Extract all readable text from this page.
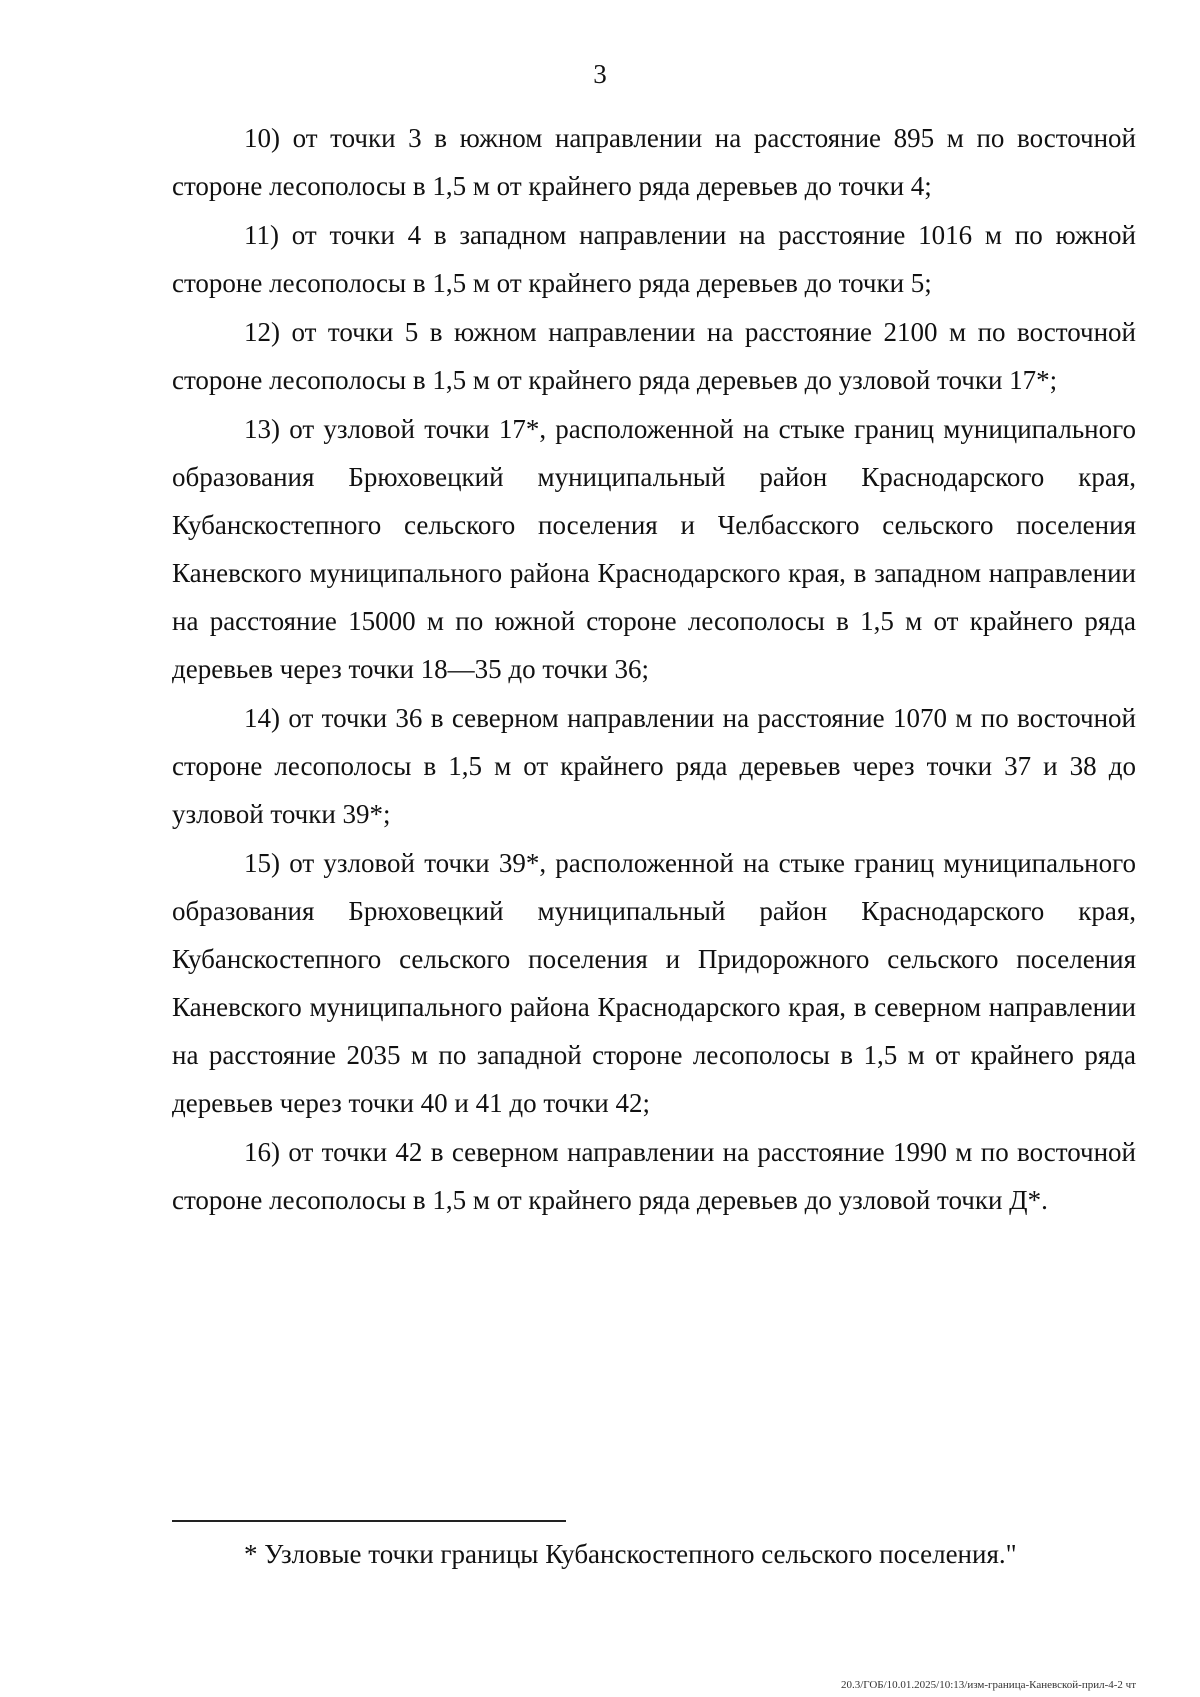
3

10) от точки 3 в южном направлении на расстояние 895 м по восточной стороне лесополосы в 1,5 м от крайнего ряда деревьев до точки 4;

11) от точки 4 в западном направлении на расстояние 1016 м по южной стороне лесополосы в 1,5 м от крайнего ряда деревьев до точки 5;

12) от точки 5 в южном направлении на расстояние 2100 м по восточной стороне лесополосы в 1,5 м от крайнего ряда деревьев до узловой точки 17*;

13) от узловой точки 17*, расположенной на стыке границ муниципального образования Брюховецкий муниципальный район Краснодарского края, Кубанскостепного сельского поселения и Челбасского сельского поселения Каневского муниципального района Краснодарского края, в западном направлении на расстояние 15000 м по южной стороне лесополосы в 1,5 м от крайнего ряда деревьев через точки 18—35 до точки 36;

14) от точки 36 в северном направлении на расстояние 1070 м по восточной стороне лесополосы в 1,5 м от крайнего ряда деревьев через точки 37 и 38 до узловой точки 39*;

15) от узловой точки 39*, расположенной на стыке границ муниципального образования Брюховецкий муниципальный район Краснодарского края, Кубанскостепного сельского поселения и Придорожного сельского поселения Каневского муниципального района Краснодарского края, в северном направлении на расстояние 2035 м по западной стороне лесополосы в 1,5 м от крайнего ряда деревьев через точки 40 и 41 до точки 42;

16) от точки 42 в северном направлении на расстояние 1990 м по восточной стороне лесополосы в 1,5 м от крайнего ряда деревьев до узловой точки Д*.

* Узловые точки границы Кубанскостепного сельского поселения."
20.3/ГОБ/10.01.2025/10:13/изм-граница-Каневской-прил-4-2 чт
